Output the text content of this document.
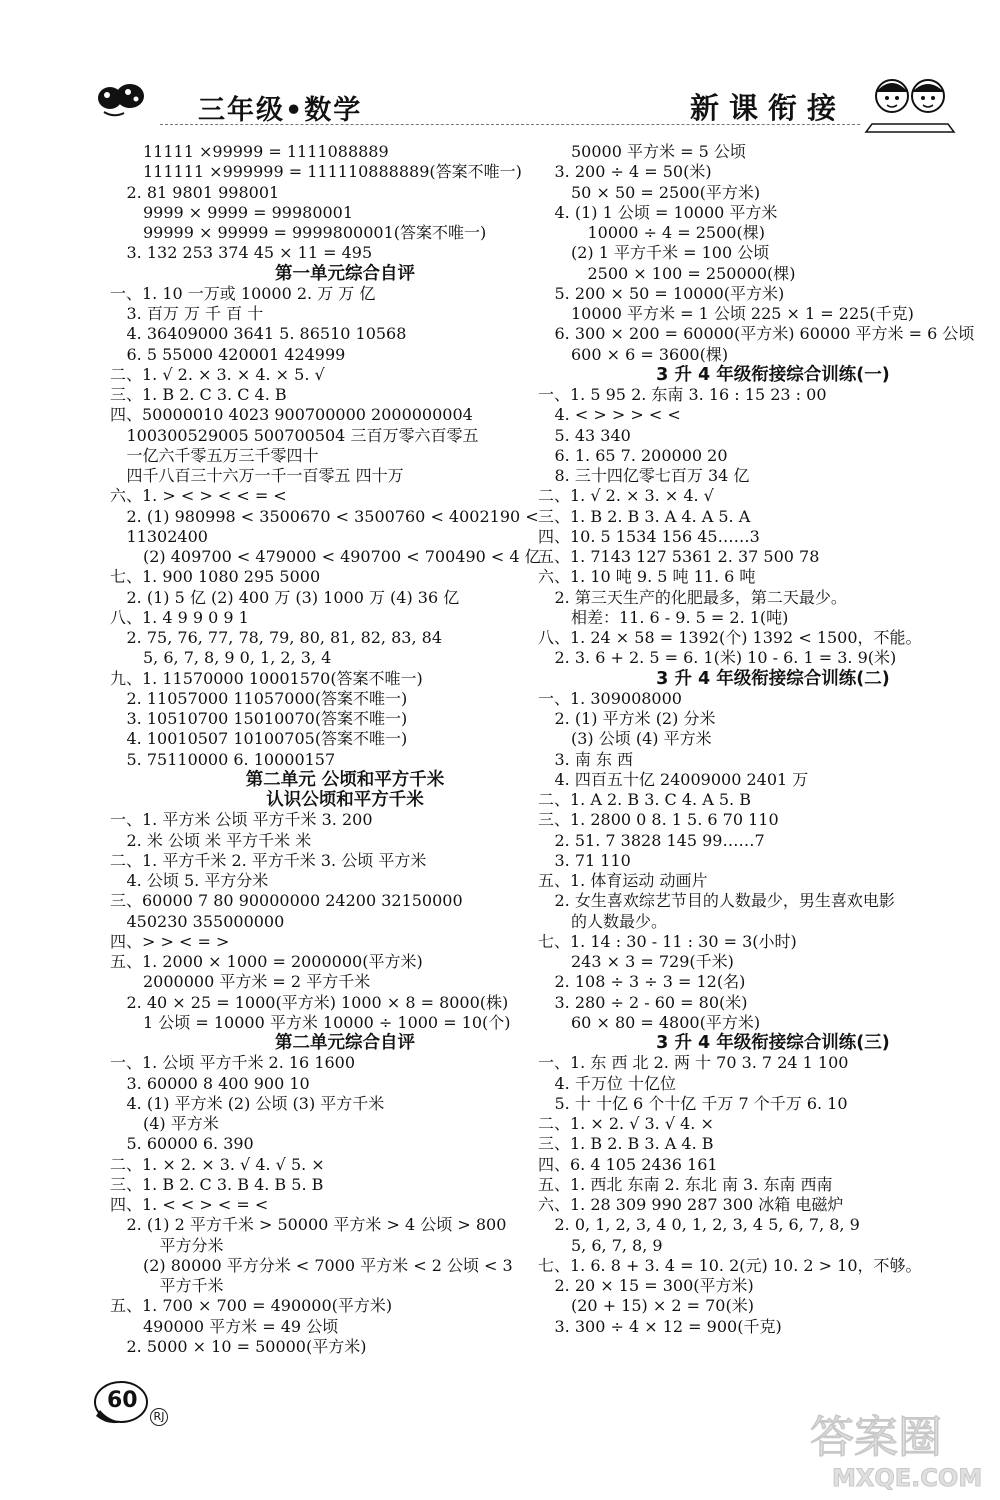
三年级•数学	新课衔接
11111 ×99999 = 1111088889
111111 ×999999 = 111110888889(答案不唯一)
2. 81 9801 998001
9999 × 9999 = 99980001
99999 × 99999 = 9999800001(答案不唯一)
3. 132 253 374 45 × 11 = 495
第一单元综合自评
一、1. 10 一万或 10000 2. 万 万 亿
3. 百万 万 千 百 十
4. 36409000 3641 5. 86510 10568
6. 5 55000 420001 424999
二、1. √ 2. × 3. × 4. × 5. √
三、1. B 2. C 3. C 4. B
四、50000010 4023 900700000 2000000004
100300529005 500700504 三百万零六百零五
一亿六千零五万三千零四十
四千八百三十六万一千一百零五 四十万
六、1. > < > < < = <
2. (1) 980998 < 3500670 < 3500760 < 4002190 <
11302400
(2) 409700 < 479000 < 490700 < 700490 < 4 亿
七、1. 900 1080 295 5000
2. (1) 5 亿 (2) 400 万 (3) 1000 万 (4) 36 亿
八、1. 4 9 9 0 9 1
2. 75, 76, 77, 78, 79, 80, 81, 82, 83, 84
5, 6, 7, 8, 9 0, 1, 2, 3, 4
九、1. 11570000 10001570(答案不唯一)
2. 11057000 11057000(答案不唯一)
3. 10510700 15010070(答案不唯一)
4. 10010507 10100705(答案不唯一)
5. 75110000 6. 10000157
第二单元 公顷和平方千米
认识公顷和平方千米
一、1. 平方米 公顷 平方千米 3. 200
2. 米 公顷 米 平方千米 米
二、1. 平方千米 2. 平方千米 3. 公顷 平方米
4. 公顷 5. 平方分米
三、60000 7 80 90000000 24200 32150000
450230 355000000
四、> > < = >
五、1. 2000 × 1000 = 2000000(平方米)
2000000 平方米 = 2 平方千米
2. 40 × 25 = 1000(平方米) 1000 × 8 = 8000(株)
1 公顷 = 10000 平方米 10000 ÷ 1000 = 10(个)
第二单元综合自评
一、1. 公顷 平方千米 2. 16 1600
3. 60000 8 400 900 10
4. (1) 平方米 (2) 公顷 (3) 平方千米
(4) 平方米
5. 60000 6. 390
二、1. × 2. × 3. √ 4. √ 5. ×
三、1. B 2. C 3. B 4. B 5. B
四、1. < < > < = <
2. (1) 2 平方千米 > 50000 平方米 > 4 公顷 > 800
平方分米
(2) 80000 平方分米 < 7000 平方米 < 2 公顷 < 3
平方千米
五、1. 700 × 700 = 490000(平方米)
490000 平方米 = 49 公顷
2. 5000 × 10 = 50000(平方米)
50000 平方米 = 5 公顷
3. 200 ÷ 4 = 50(米)
50 × 50 = 2500(平方米)
4. (1) 1 公顷 = 10000 平方米
10000 ÷ 4 = 2500(棵)
(2) 1 平方千米 = 100 公顷
2500 × 100 = 250000(棵)
5. 200 × 50 = 10000(平方米)
10000 平方米 = 1 公顷 225 × 1 = 225(千克)
6. 300 × 200 = 60000(平方米) 60000 平方米 = 6 公顷
600 × 6 = 3600(棵)
3 升 4 年级衔接综合训练(一)
一、1. 5 95 2. 东南 3. 16 : 15 23 : 00
4. < > > > < <
5. 43 340
6. 1. 65 7. 200000 20
8. 三十四亿零七百万 34 亿
二、1. √ 2. × 3. × 4. √
三、1. B 2. B 3. A 4. A 5. A
四、10. 5 1534 156 45……3
五、1. 7143 127 5361 2. 37 500 78
六、1. 10 吨 9. 5 吨 11. 6 吨
2. 第三天生产的化肥最多，第二天最少。
相差：11. 6 - 9. 5 = 2. 1(吨)
八、1. 24 × 58 = 1392(个) 1392 < 1500，不能。
2. 3. 6 + 2. 5 = 6. 1(米) 10 - 6. 1 = 3. 9(米)
3 升 4 年级衔接综合训练(二)
一、1. 309008000
2. (1) 平方米 (2) 分米
(3) 公顷 (4) 平方米
3. 南 东 西
4. 四百五十亿 24009000 2401 万
二、1. A 2. B 3. C 4. A 5. B
三、1. 2800 0 8. 1 5. 6 70 110
2. 51. 7 3828 145 99……7
3. 71 110
五、1. 体育运动 动画片
2. 女生喜欢综艺节目的人数最少，男生喜欢电影
的人数最少。
七、1. 14 : 30 - 11 : 30 = 3(小时)
243 × 3 = 729(千米)
2. 108 ÷ 3 ÷ 3 = 12(名)
3. 280 ÷ 2 - 60 = 80(米)
60 × 80 = 4800(平方米)
3 升 4 年级衔接综合训练(三)
一、1. 东 西 北 2. 两 十 70 3. 7 24 1 100
4. 千万位 十亿位
5. 十 十亿 6 个十亿 千万 7 个千万 6. 10
二、1. × 2. √ 3. √ 4. ×
三、1. B 2. B 3. A 4. B
四、6. 4 105 2436 161
五、1. 西北 东南 2. 东北 南 3. 东南 西南
六、1. 28 309 990 287 300 冰箱 电磁炉
2. 0, 1, 2, 3, 4 0, 1, 2, 3, 4 5, 6, 7, 8, 9
5, 6, 7, 8, 9
七、1. 6. 8 + 3. 4 = 10. 2(元) 10. 2 > 10，不够。
2. 20 × 15 = 300(平方米)
(20 + 15) × 2 = 70(米)
3. 300 ÷ 4 × 12 = 900(千克)
60
RJ	答案圈
MXQE.COM
